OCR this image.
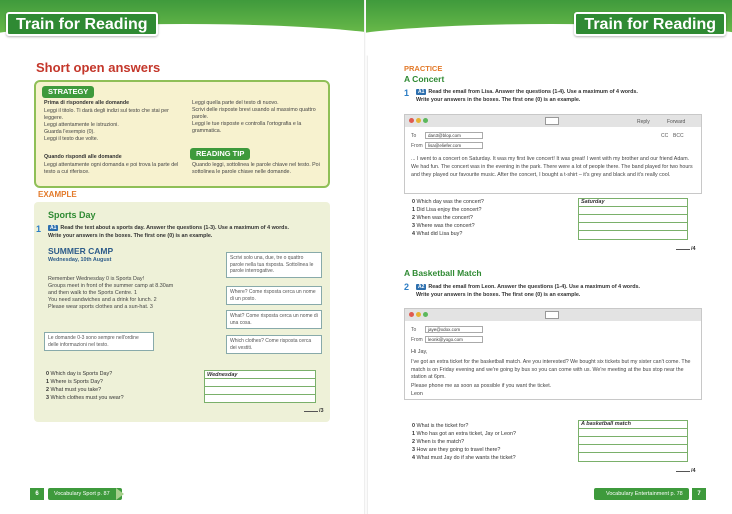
Train for Reading
Short open answers
STRATEGY
Prima di rispondere alle domande
Leggi il titolo. Ti darà degli indizi sul testo che stai per leggere.
Leggi attentamente le istruzioni.
Guarda l'esempio (0).
Leggi il testo due volte.
Quando rispondi alle domande
Leggi attentamente ogni domanda e poi trova la parte del testo a cui riferisce.
Leggi quella parte del testo di nuovo.
Scrivi delle risposte brevi usando al massimo quattro parole.
Leggi le tue risposte e controlla l'ortografia e la grammatica.
READING TIP
Quando leggi, sottolinea le parole chiave nel testo. Poi sottolinea le parole chiave nelle domande.
EXAMPLE
Sports Day
1	A1 Read the text about a sports day. Answer the questions (1-3). Use a maximum of 4 words.
Write your answers in the boxes. The first one (0) is an example.
SUMMER CAMP
Wednesday, 10th August
Remember Wednesday 0 is Sports Day!
Groups meet in front of the summer camp at 8.30am
and then walk to the Sports Centre. 1
You need sandwiches and a drink for lunch. 2
Please wear sports clothes and a sun-hat. 3
Scrivi solo una, due, tre o quattro parole nella tua risposta. Sottolinea le parole interrogative.
Where? Come risposta cerca un nome di un posto.
What? Come risposta cerca un nome di una cosa.
Which clothes? Come risposta cerca dei vestiti.
Le domande 0-3 sono sempre nell'ordine delle informazioni nel testo.
0 Which day is Sports Day?
1 Where is Sports Day?
2 What must you take?
3 Which clothes must you wear?
Wednesday
/3
6	Vocabulary Sport p. 87
Train for Reading
PRACTICE
A Concert
1	A1 Read the email from Lisa. Answer the questions (1-4). Use a maximum of 4 words.
Write your answers in the boxes. The first one (0) is an example.
Reply	Forward
To	dan3@blop.com
From	lisa@eliefer.com
CC BCC
... I went to a concert on Saturday. It was my first live concert! It was great! I went with my brother and our friend Adam. We had fun. The concert was in the evening in the park. There were a lot of people there. The band played for two hours and they played our favourite music. After the concert, I bought a t-shirt – it's grey and black and it's really cool.
0 Which day was the concert?
1 Did Lisa enjoy the concert?
2 When was the concert?
3 Where was the concert?
4 What did Lisa buy?
Saturday
/4
A Basketball Match
2	A2 Read the email from Leon. Answer the questions (1-4). Use a maximum of 4 words.
Write your answers in the boxes. The first one (0) is an example.
To	jaye@xdox.com
From	leonk@yogo.com
Hi Jay,
I've got an extra ticket for the basketball match. Are you interested? We bought six tickets but my sister can't come. The match is on Friday evening and we're going by bus so you can come with us. We're meeting at the bus stop near the station at 6pm.
Please phone me as soon as possible if you want the ticket.
Leon
0 What is the ticket for?
1 Who has got an extra ticket, Jay or Leon?
2 When is the match?
3 How are they going to travel there?
4 What must Jay do if she wants the ticket?
A basketball match
/4
Vocabulary Entertainment p. 78	7
